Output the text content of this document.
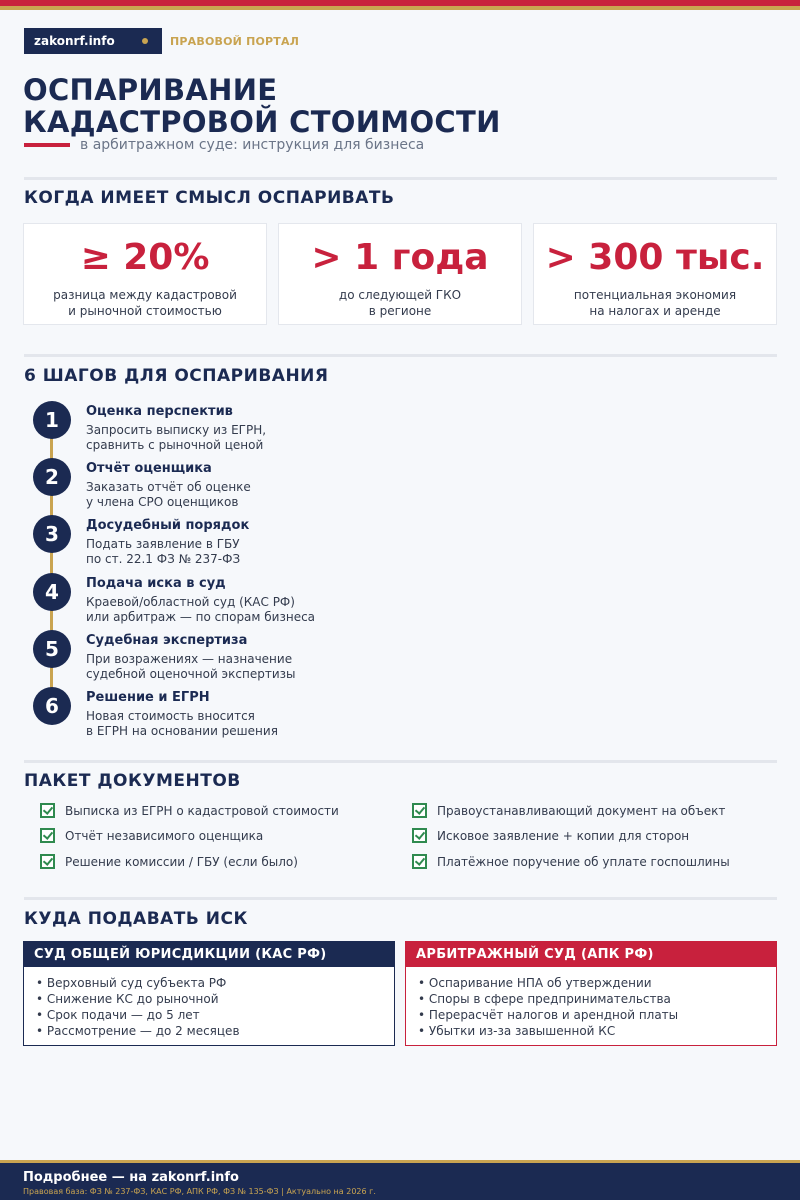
zakonrf.info	ПРАВОВОЙ ПОРТАЛ
ОСПАРИВАНИЕ
КАДАСТРОВОЙ СТОИМОСТИ
в арбитражном суде: инструкция для бизнеса
КОГДА ИМЕЕТ СМЫСЛ ОСПАРИВАТЬ
≥ 20%
разница между кадастровой
и рыночной стоимостью
> 1 года
до следующей ГКО
в регионе
> 300 тыс.
потенциальная экономия
на налогах и аренде
6 ШАГОВ ДЛЯ ОСПАРИВАНИЯ
1	Оценка перспектив
Запросить выписку из ЕГРН,
сравнить с рыночной ценой
2	Отчёт оценщика
Заказать отчёт об оценке
у члена СРО оценщиков
3	Досудебный порядок
Подать заявление в ГБУ
по ст. 22.1 ФЗ № 237-ФЗ
4	Подача иска в суд
Краевой/областной суд (КАС РФ)
или арбитраж — по спорам бизнеса
5	Судебная экспертиза
При возражениях — назначение
судебной оценочной экспертизы
6	Решение и ЕГРН
Новая стоимость вносится
в ЕГРН на основании решения
ПАКЕТ ДОКУМЕНТОВ
Выписка из ЕГРН о кадастровой стоимости	Правоустанавливающий документ на объект
Отчёт независимого оценщика	Исковое заявление + копии для сторон
Решение комиссии / ГБУ (если было)	Платёжное поручение об уплате госпошлины
КУДА ПОДАВАТЬ ИСК
СУД ОБЩЕЙ ЮРИСДИКЦИИ (КАС РФ)
• Верховный суд субъекта РФ
• Снижение КС до рыночной
• Срок подачи — до 5 лет
• Рассмотрение — до 2 месяцев
АРБИТРАЖНЫЙ СУД (АПК РФ)
• Оспаривание НПА об утверждении
• Споры в сфере предпринимательства
• Перерасчёт налогов и арендной платы
• Убытки из-за завышенной КС
Подробнее — на zakonrf.info
Правовая база: ФЗ № 237-ФЗ, КАС РФ, АПК РФ, ФЗ № 135-ФЗ | Актуально на 2026 г.
